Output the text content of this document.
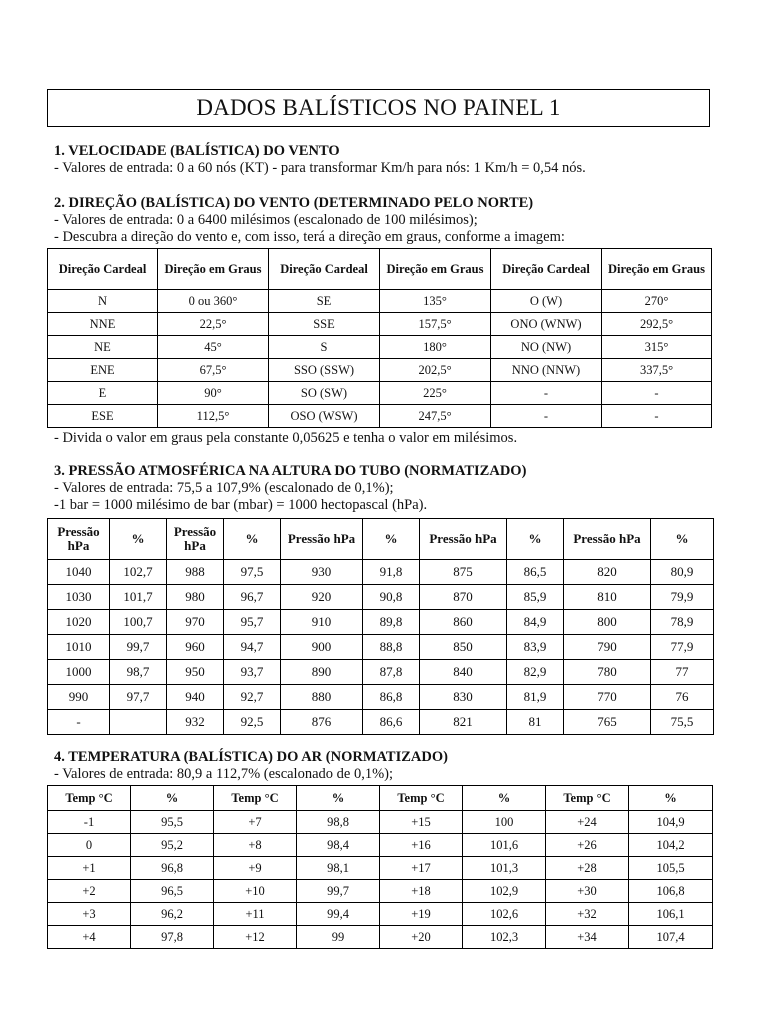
DADOS BALÍSTICOS NO PAINEL 1
1. VELOCIDADE (BALÍSTICA) DO VENTO
- Valores de entrada: 0 a 60 nós (KT) - para transformar Km/h para nós: 1 Km/h = 0,54 nós.
2. DIREÇÃO (BALÍSTICA) DO VENTO (DETERMINADO PELO NORTE)
- Valores de entrada: 0 a 6400 milésimos (escalonado de 100 milésimos);
- Descubra a direção do vento e, com isso, terá a direção em graus, conforme a imagem:
Direção Cardeal	Direção em Graus	Direção Cardeal	Direção em Graus	Direção Cardeal	Direção em Graus
N	0 ou 360°	SE	135°	O (W)	270°
NNE	22,5°	SSE	157,5°	ONO (WNW)	292,5°
NE	45°	S	180°	NO (NW)	315°
ENE	67,5°	SSO (SSW)	202,5°	NNO (NNW)	337,5°
E	90°	SO (SW)	225°	-	-
ESE	112,5°	OSO (WSW)	247,5°	-	-
- Divida o valor em graus pela constante 0,05625 e tenha o valor em milésimos.
3. PRESSÃO ATMOSFÉRICA NA ALTURA DO TUBO (NORMATIZADO)
- Valores de entrada: 75,5 a 107,9% (escalonado de 0,1%);
-1 bar = 1000 milésimo de bar (mbar) = 1000 hectopascal (hPa).
Pressão hPa	%	Pressão hPa	%	Pressão hPa	%	Pressão hPa	%	Pressão hPa	%
1040	102,7	988	97,5	930	91,8	875	86,5	820	80,9
1030	101,7	980	96,7	920	90,8	870	85,9	810	79,9
1020	100,7	970	95,7	910	89,8	860	84,9	800	78,9
1010	99,7	960	94,7	900	88,8	850	83,9	790	77,9
1000	98,7	950	93,7	890	87,8	840	82,9	780	77
990	97,7	940	92,7	880	86,8	830	81,9	770	76
-		932	92,5	876	86,6	821	81	765	75,5
4. TEMPERATURA (BALÍSTICA) DO AR (NORMATIZADO)
- Valores de entrada: 80,9 a 112,7% (escalonado de 0,1%);
Temp °C	%	Temp °C	%	Temp °C	%	Temp °C	%
-1	95,5	+7	98,8	+15	100	+24	104,9
0	95,2	+8	98,4	+16	101,6	+26	104,2
+1	96,8	+9	98,1	+17	101,3	+28	105,5
+2	96,5	+10	99,7	+18	102,9	+30	106,8
+3	96,2	+11	99,4	+19	102,6	+32	106,1
+4	97,8	+12	99	+20	102,3	+34	107,4
